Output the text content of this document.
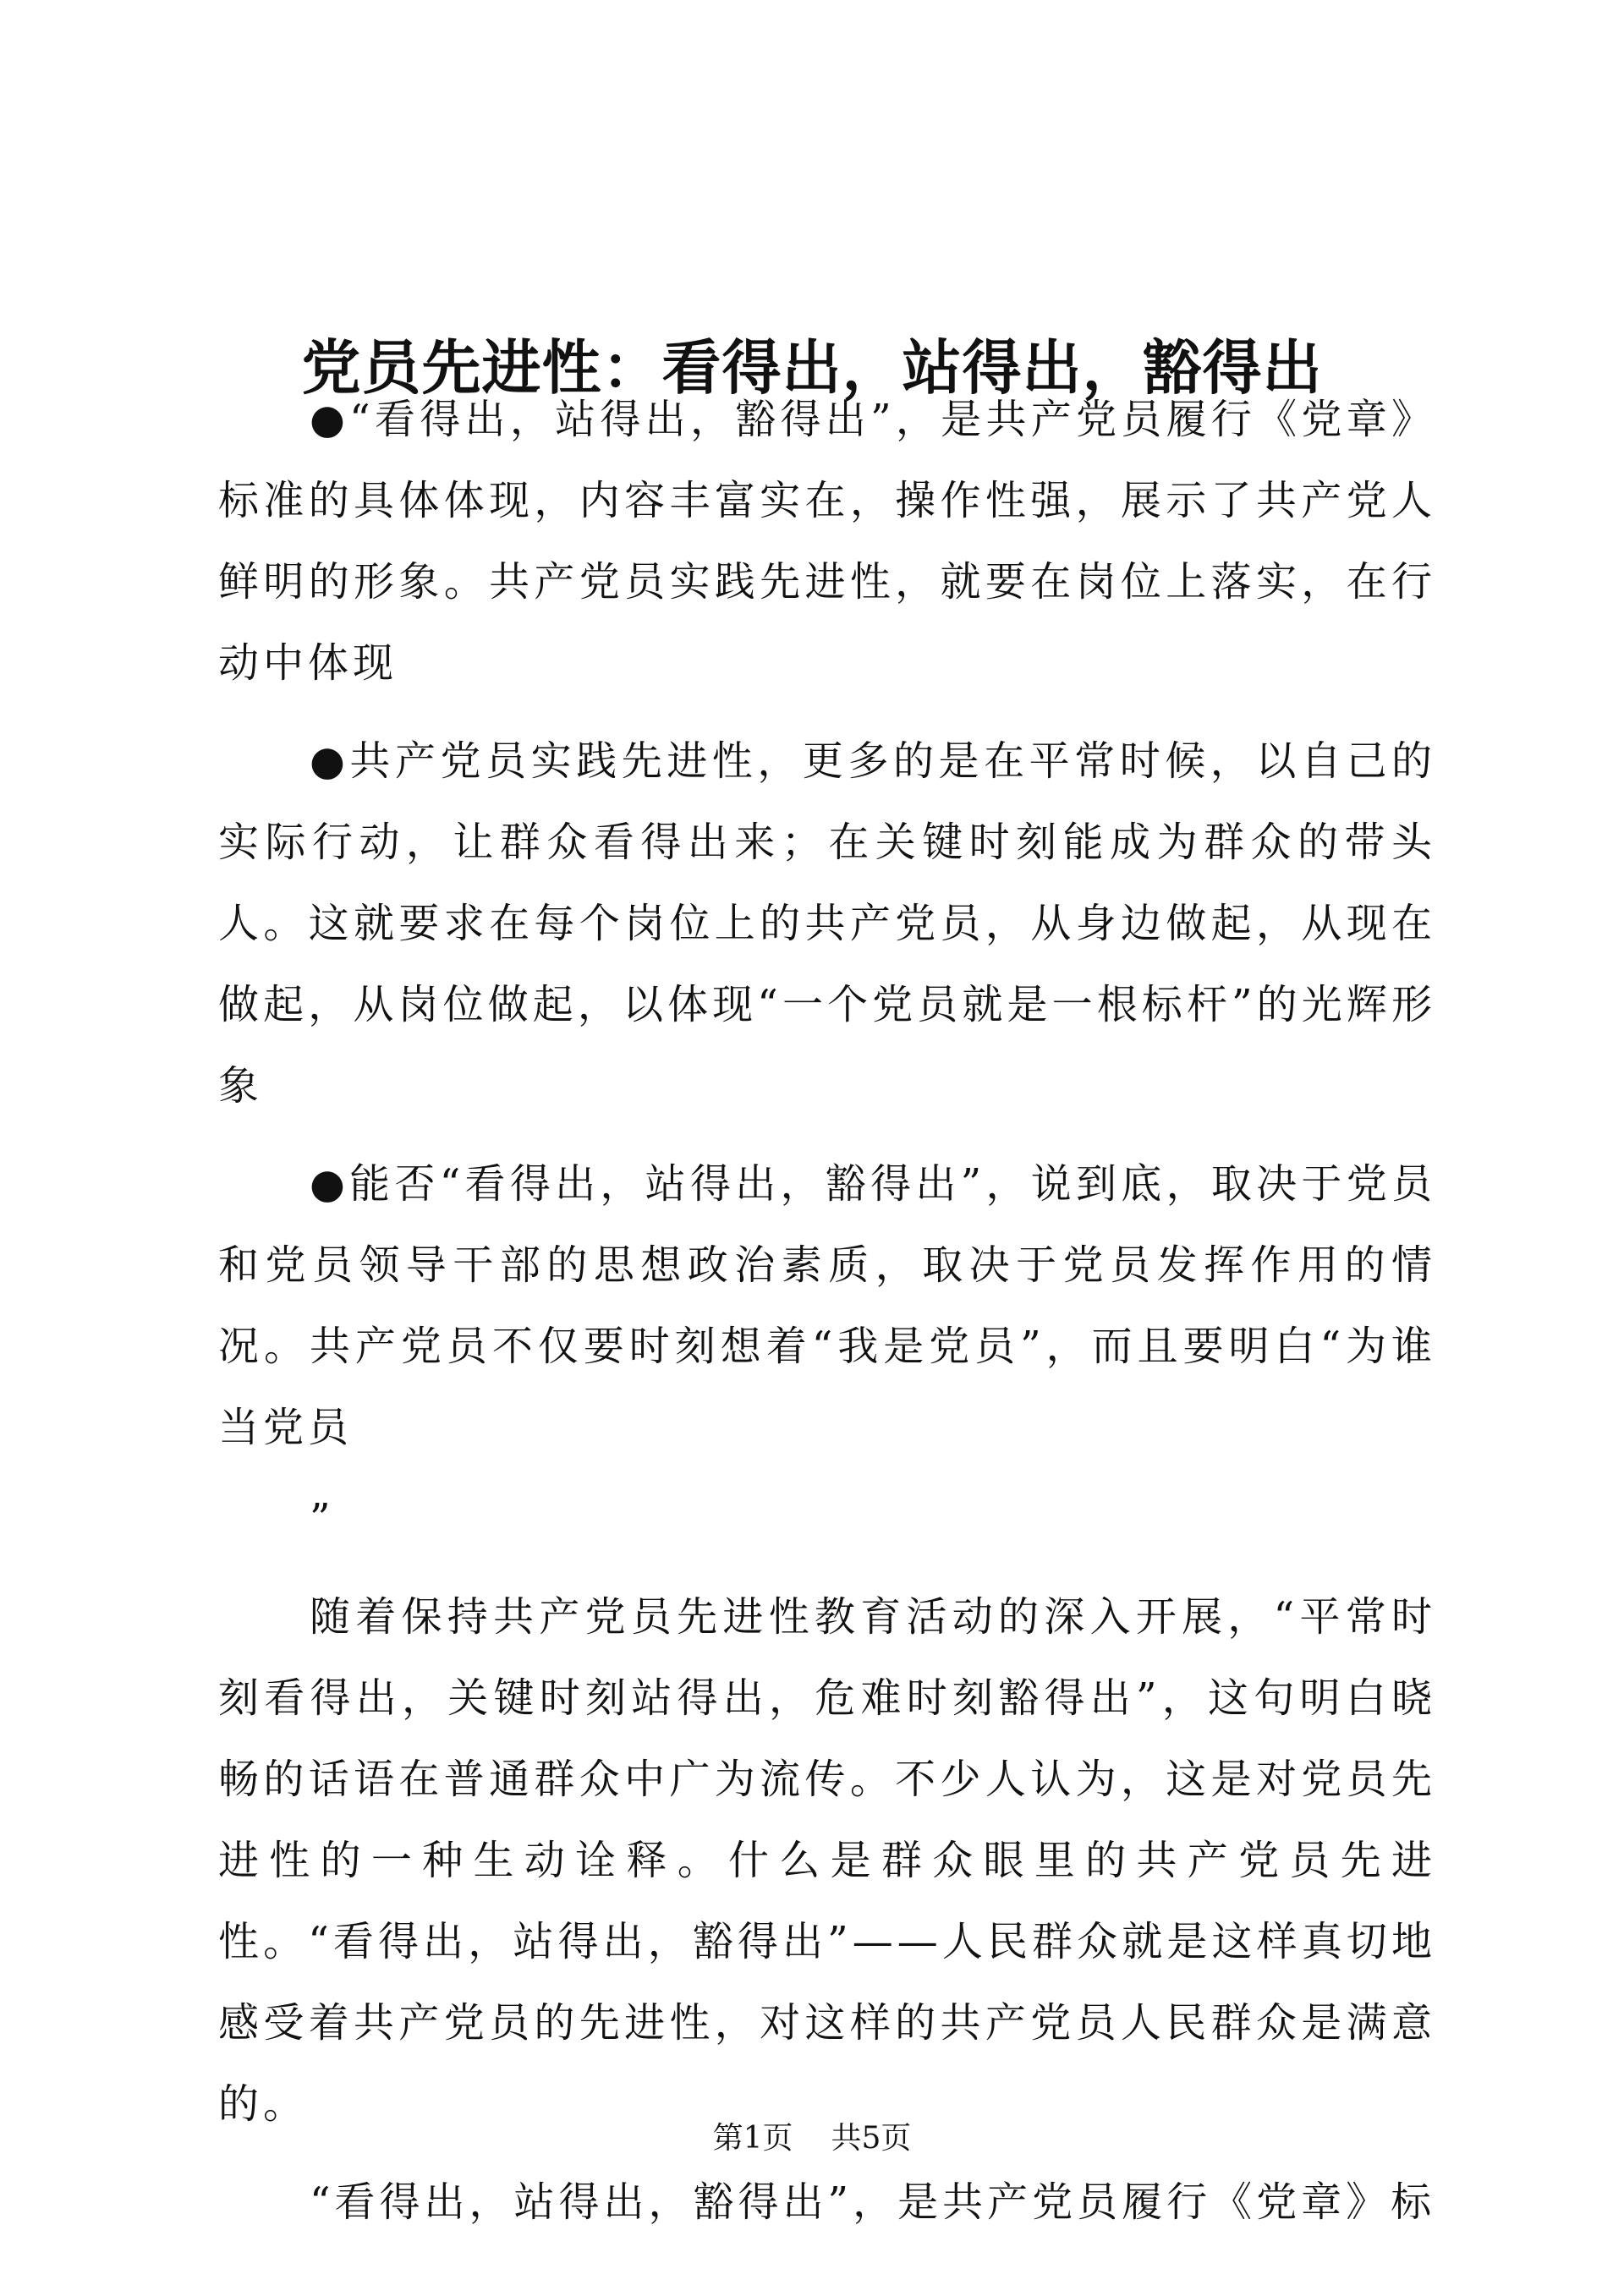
党员先进性：看得出，站得出，豁得出

●“看得出，站得出，豁得出”，是共产党员履行《党章》标准的具体体现，内容丰富实在，操作性强，展示了共产党人鲜明的形象。共产党员实践先进性，就要在岗位上落实，在行动中体现

●共产党员实践先进性，更多的是在平常时候，以自己的实际行动，让群众看得出来；在关键时刻能成为群众的带头人。这就要求在每个岗位上的共产党员，从身边做起，从现在做起，从岗位做起，以体现“一个党员就是一根标杆”的光辉形象

●能否“看得出，站得出，豁得出”，说到底，取决于党员和党员领导干部的思想政治素质，取决于党员发挥作用的情况。共产党员不仅要时刻想着“我是党员”，而且要明白“为谁当党员

”

随着保持共产党员先进性教育活动的深入开展，“平常时刻看得出，关键时刻站得出，危难时刻豁得出”，这句明白晓畅的话语在普通群众中广为流传。不少人认为，这是对党员先进性的一种生动诠释。什么是群众眼里的共产党员先进性。“看得出，站得出，豁得出”——人民群众就是这样真切地感受着共产党员的先进性，对这样的共产党员人民群众是满意的。

“看得出，站得出，豁得出”，是共产党员履行《党章》标

第1页 共5页
